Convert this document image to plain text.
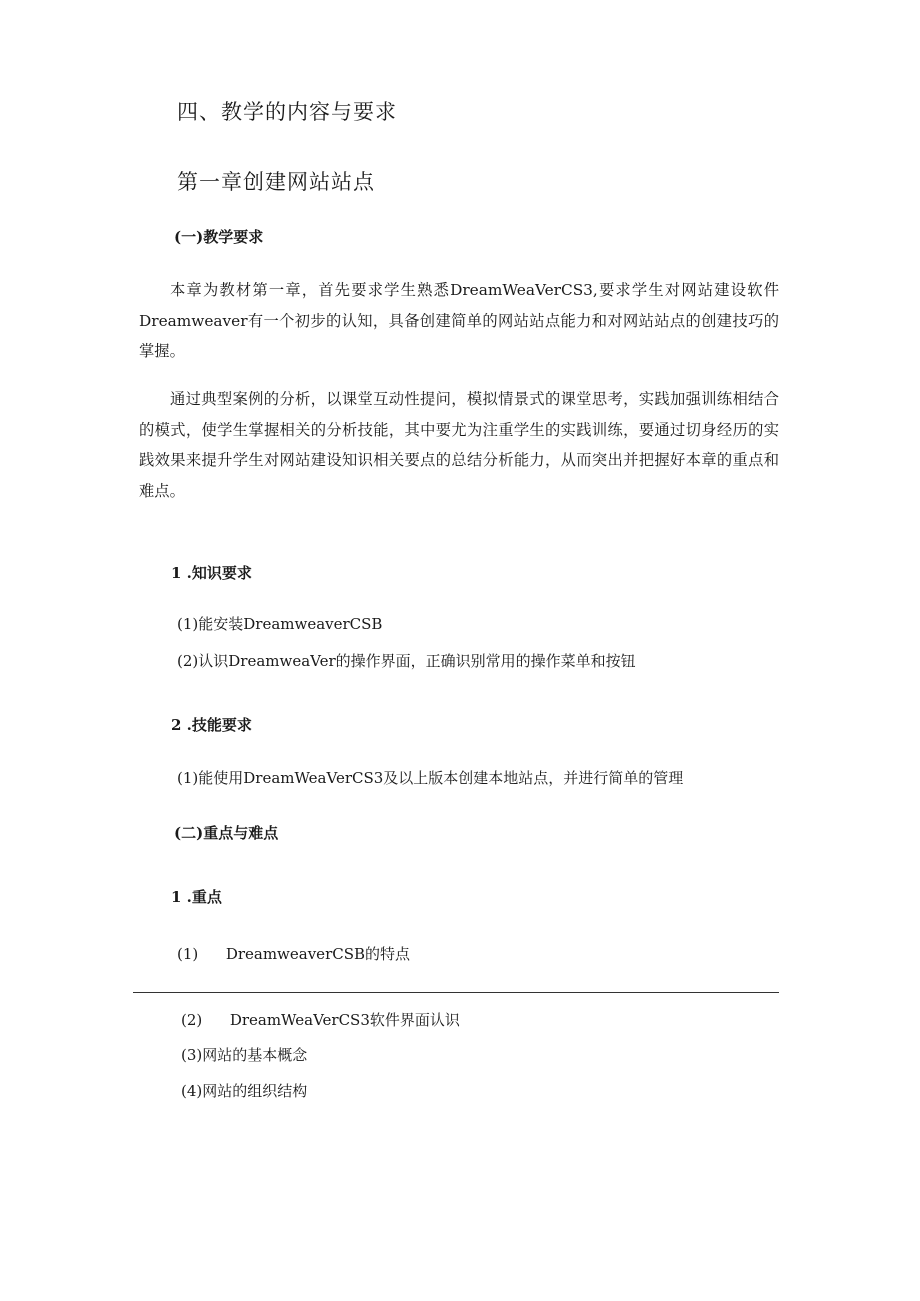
四、教学的内容与要求
第一章创建网站站点
(一)教学要求

本章为教材第一章，首先要求学生熟悉DreamWeaVerCS3,要求学生对网站建设软件Dreamweaver有一个初步的认知，具备创建简单的网站站点能力和对网站站点的创建技巧的掌握。

通过典型案例的分析，以课堂互动性提问，模拟情景式的课堂思考，实践加强训练相结合的模式，使学生掌握相关的分析技能，其中要尤为注重学生的实践训练，要通过切身经历的实践效果来提升学生对网站建设知识相关要点的总结分析能力，从而突出并把握好本章的重点和难点。

1 .知识要求
(1)能安装DreamweaverCSB
(2)认识DreamweaVer的操作界面，正确识别常用的操作菜单和按钮
2 .技能要求
(1)能使用DreamWeaVerCS3及以上版本创建本地站点，并进行简单的管理
(二)重点与难点
1 .重点
(1) DreamweaverCSB的特点
(2) DreamWeaVerCS3软件界面认识
(3)网站的基本概念
(4)网站的组织结构
